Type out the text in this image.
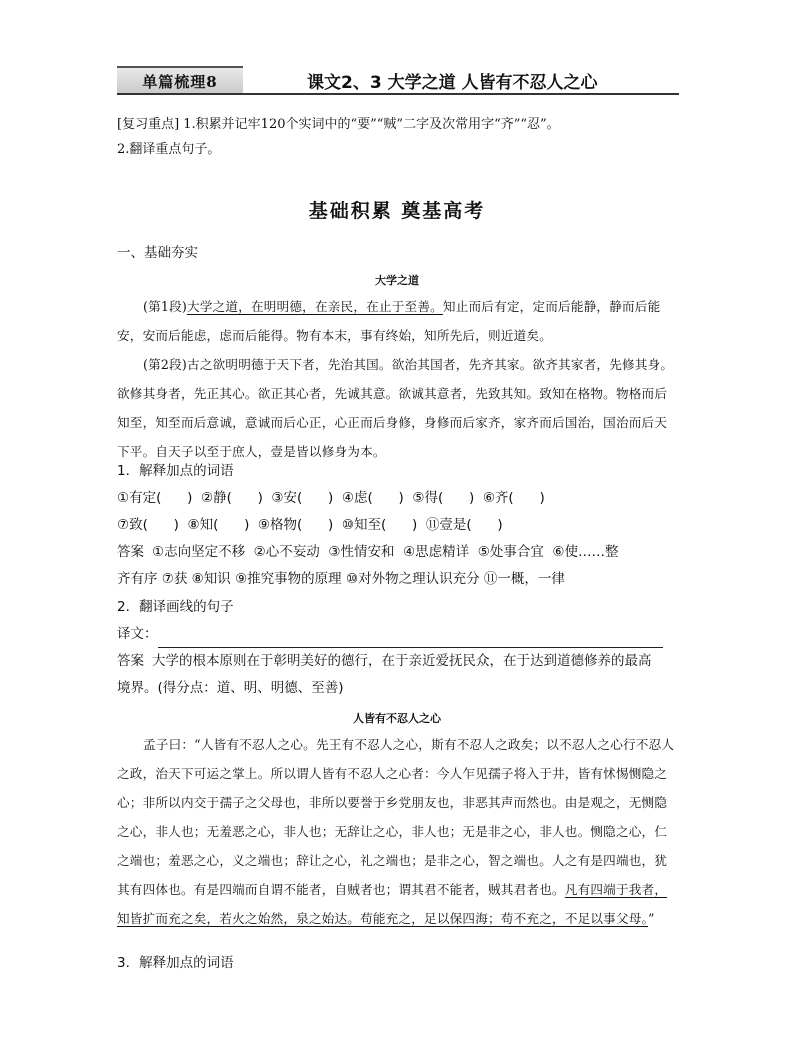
单篇梳理8	课文2、3 大学之道 人皆有不忍人之心

[复习重点] 1.积累并记牢120个实词中的“要”“贼”二字及次常用字“齐”“忍”。

2.翻译重点句子。

基础积累 奠基高考
一、基础夯实
大学之道

(第1段)大学之道，在明明德，在亲民，在止于至善。知止而后有定，定而后能静，静而后能安，安而后能虑，虑而后能得。物有本末，事有终始，知所先后，则近道矣。

(第2段)古之欲明明德于天下者，先治其国。欲治其国者，先齐其家。欲齐其家者，先修其身。欲修其身者，先正其心。欲正其心者，先诚其意。欲诚其意者，先致其知。致知在格物。物格而后知至，知至而后意诚，意诚而后心正，心正而后身修，身修而后家齐，家齐而后国治，国治而后天下平。自天子以至于庶人，壹是皆以修身为本。

1．解释加点的词语

①有定(      )  ②静(      )  ③安(      )  ④虑(      )  ⑤得(      )  ⑥齐(      )

⑦致(      )  ⑧知(      )  ⑨格物(      )  ⑩知至(      )  ⑪壹是(      )

答案 ①志向坚定不移  ②心不妄动  ③性情安和  ④思虑精详  ⑤处事合宜  ⑥使……整

齐有序 ⑦获 ⑧知识 ⑨推究事物的原理 ⑩对外物之理认识充分 ⑪一概，一律

2．翻译画线的句子

译文：

答案 大学的根本原则在于彰明美好的德行，在于亲近爱抚民众，在于达到道德修养的最高

境界。(得分点：道、明、明德、至善)

人皆有不忍人之心

孟子曰：“人皆有不忍人之心。先王有不忍人之心，斯有不忍人之政矣；以不忍人之心行不忍人之政，治天下可运之掌上。所以谓人皆有不忍人之心者：今人乍见孺子将入于井，皆有怵惕恻隐之心；非所以内交于孺子之父母也，非所以要誉于乡党朋友也，非恶其声而然也。由是观之，无恻隐之心，非人也；无羞恶之心，非人也；无辞让之心，非人也；无是非之心，非人也。恻隐之心，仁之端也；羞恶之心，义之端也；辞让之心，礼之端也；是非之心，智之端也。人之有是四端也，犹其有四体也。有是四端而自谓不能者，自贼者也；谓其君不能者，贼其君者也。凡有四端于我者，知皆扩而充之矣，若火之始然，泉之始达。苟能充之，足以保四海；苟不充之，不足以事父母。”

3．解释加点的词语
